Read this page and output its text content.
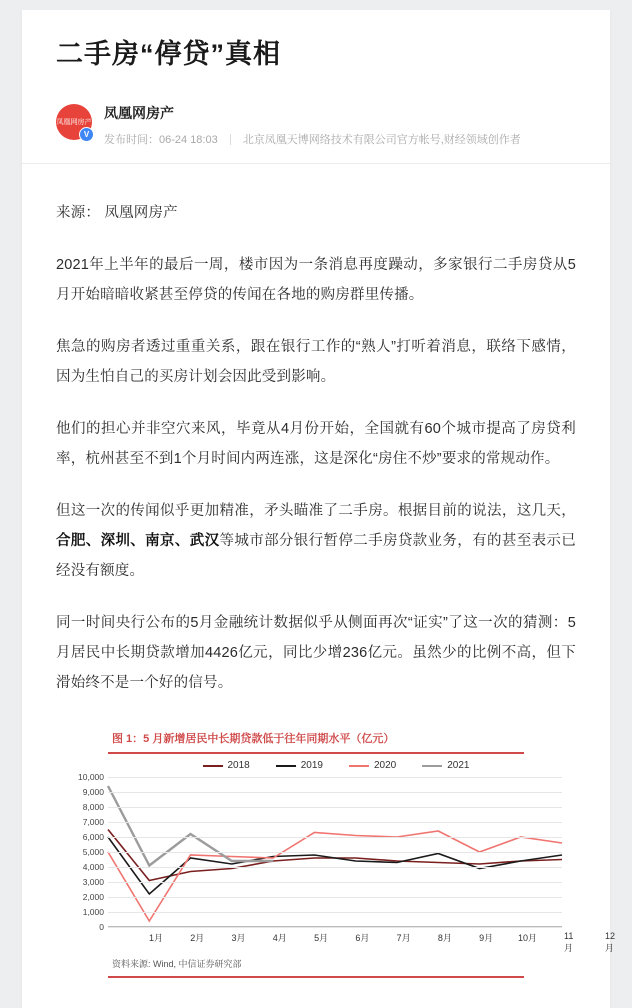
二手房“停贷”真相
凤凰网房产
V
凤凰网房产
发布时间：06-24 18:03 北京凤凰天博网络技术有限公司官方帐号,财经领域创作者

来源： 凤凰网房产

2021年上半年的最后一周，楼市因为一条消息再度躁动，多家银行二手房贷从5月开始暗暗收紧甚至停贷的传闻在各地的购房群里传播。

焦急的购房者透过重重关系，跟在银行工作的“熟人”打听着消息，联络下感情，因为生怕自己的买房计划会因此受到影响。

他们的担心并非空穴来风，毕竟从4月份开始，全国就有60个城市提高了房贷利率，杭州甚至不到1个月时间内两连涨，这是深化“房住不炒”要求的常规动作。

但这一次的传闻似乎更加精准，矛头瞄准了二手房。根据目前的说法，这几天，合肥、深圳、南京、武汉等城市部分银行暂停二手房贷款业务，有的甚至表示已经没有额度。

同一时间央行公布的5月金融统计数据似乎从侧面再次“证实”了这一次的猜测：5月居民中长期贷款增加4426亿元，同比少增236亿元。虽然少的比例不高，但下滑始终不是一个好的信号。

图 1：5 月新增居民中长期贷款低于往年同期水平（亿元）
2018	2019	2020	2021
10,000
9,000
8,000
7,000
6,000
5,000
4,000
3,000
2,000
1,000
0
1月	2月	3月	4月	5月	6月	7月	8月	9月	10月	11月
12月
资料来源: Wind, 中信证券研究部
